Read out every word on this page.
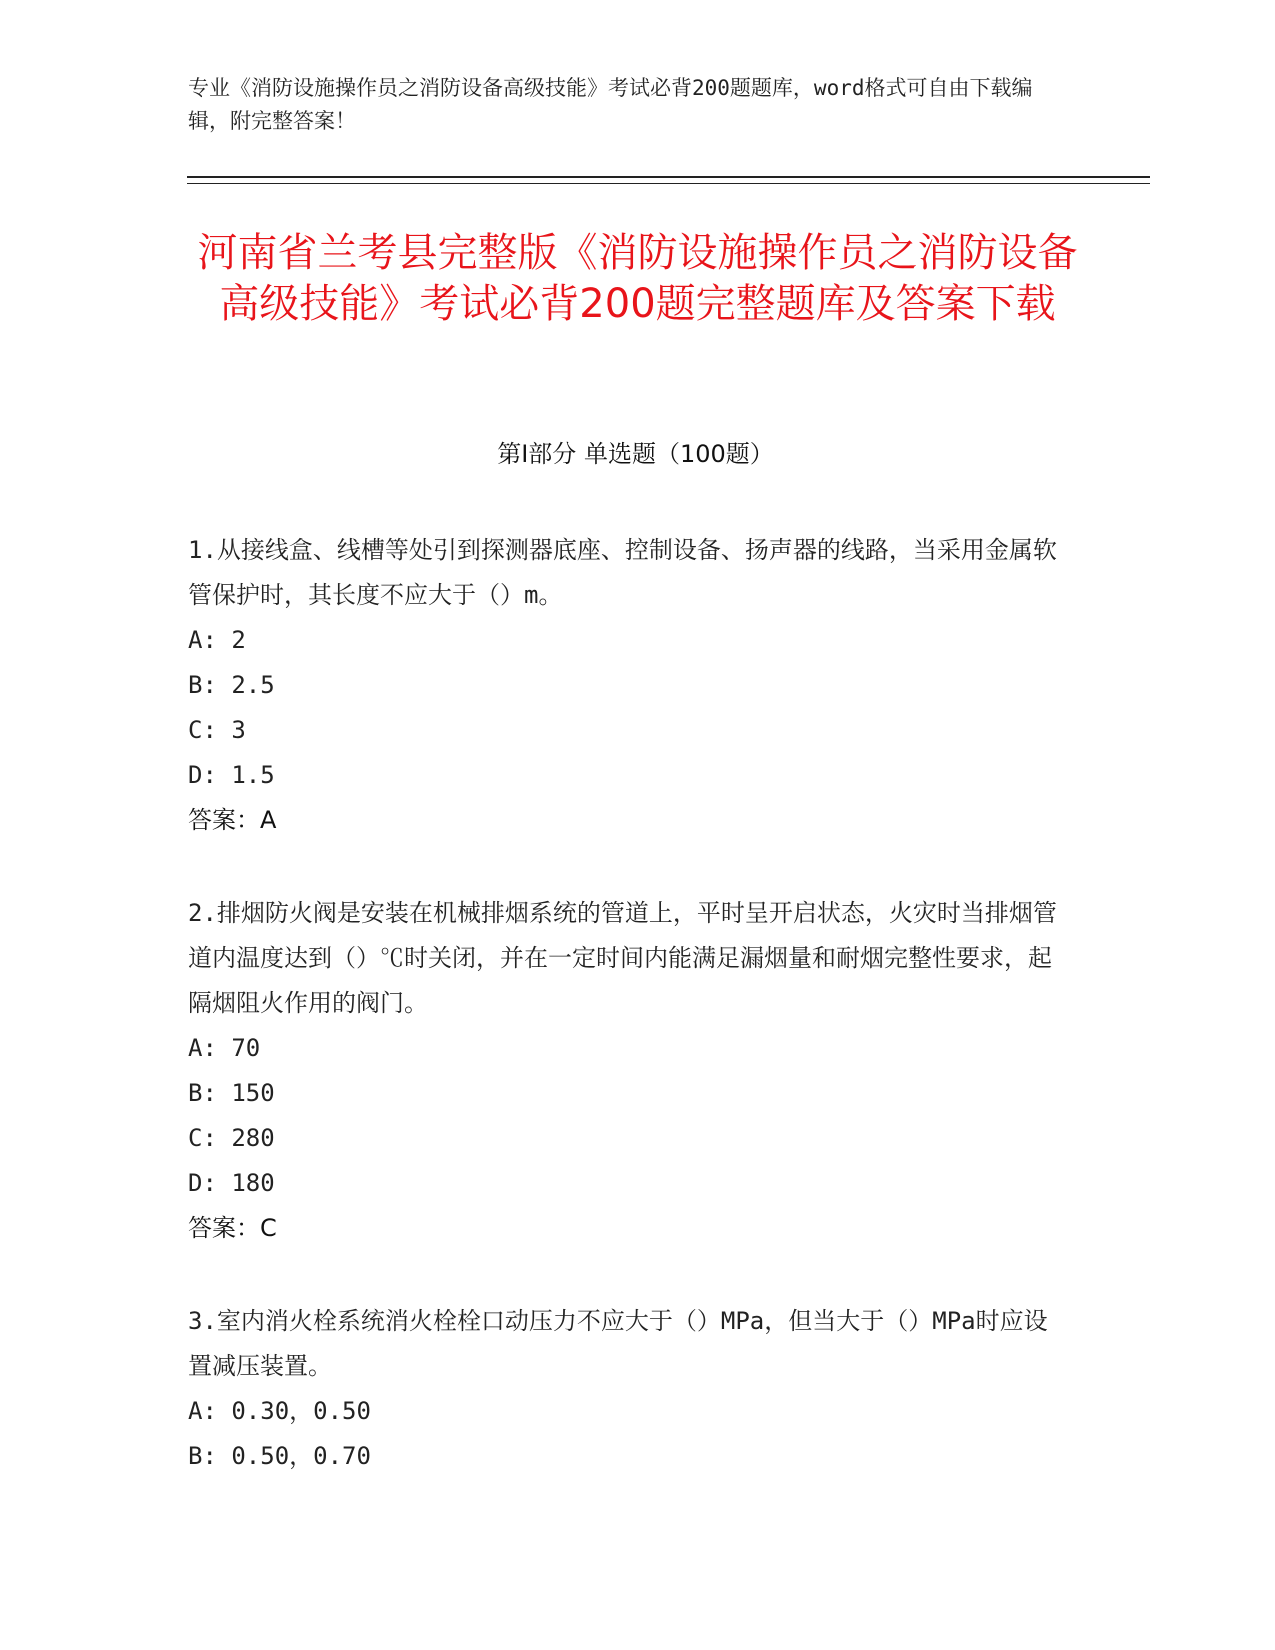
专业《消防设施操作员之消防设备高级技能》考试必背200题题库，word格式可自由下载编辑，附完整答案！
河南省兰考县完整版《消防设施操作员之消防设备高级技能》考试必背200题完整题库及答案下载
第Ⅰ部分 单选题（100题）

1.从接线盒、线槽等处引到探测器底座、控制设备、扬声器的线路，当采用金属软管保护时，其长度不应大于（）m。

A: 2

B: 2.5

C: 3

D: 1.5

答案：A

2.排烟防火阀是安装在机械排烟系统的管道上，平时呈开启状态，火灾时当排烟管道内温度达到（）℃时关闭，并在一定时间内能满足漏烟量和耐烟完整性要求，起隔烟阻火作用的阀门。

A: 70

B: 150

C: 280

D: 180

答案：C

3.室内消火栓系统消火栓栓口动压力不应大于（）MPa，但当大于（）MPa时应设置减压装置。

A: 0.30，0.50

B: 0.50，0.70
